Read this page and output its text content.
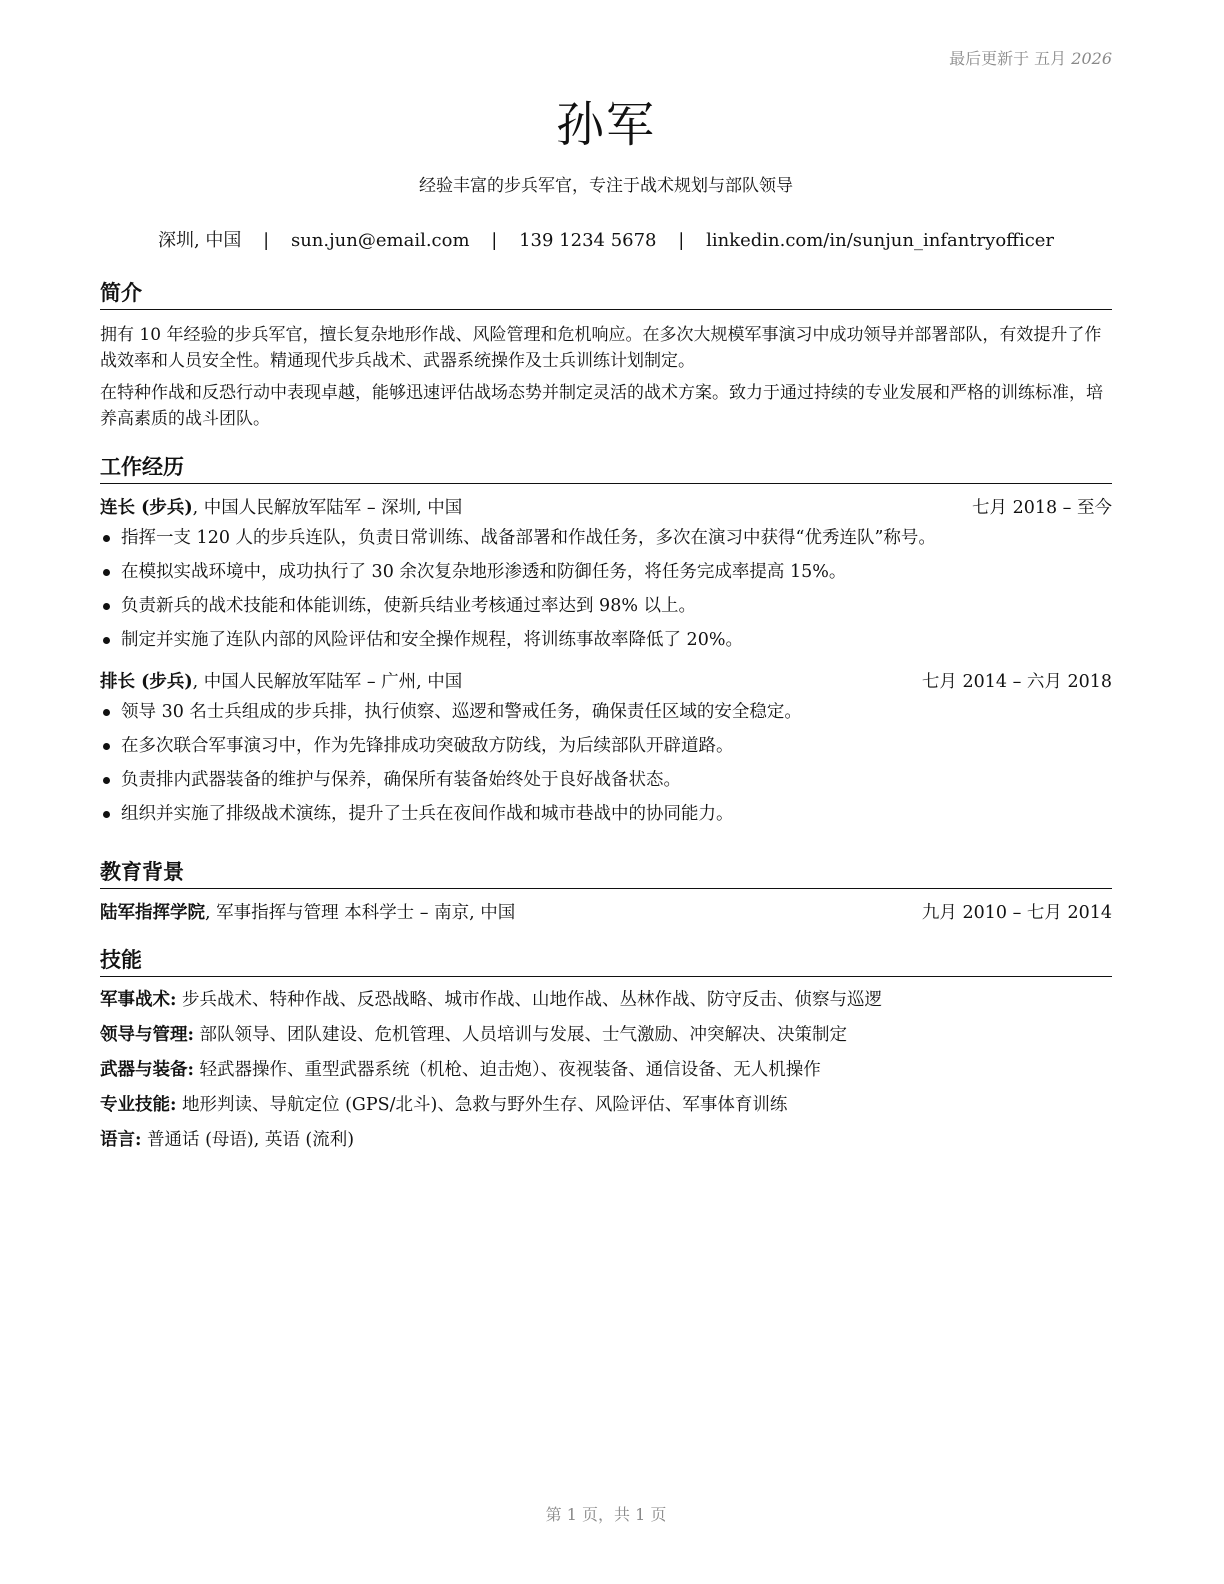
最后更新于 五月 2026
孙军
经验丰富的步兵军官，专注于战术规划与部队领导
深圳, 中国 | sun.jun@email.com | 139 1234 5678 | linkedin.com/in/sunjun_infantryofficer
简介

拥有 10 年经验的步兵军官，擅长复杂地形作战、风险管理和危机响应。在多次大规模军事演习中成功领导并部署部队，有效提升了作战效率和人员安全性。精通现代步兵战术、武器系统操作及士兵训练计划制定。

在特种作战和反恐行动中表现卓越，能够迅速评估战场态势并制定灵活的战术方案。致力于通过持续的专业发展和严格的训练标准，培养高素质的战斗团队。

工作经历
连长 (步兵), 中国人民解放军陆军 – 深圳, 中国	七月 2018 – 至今
指挥一支 120 人的步兵连队，负责日常训练、战备部署和作战任务，多次在演习中获得“优秀连队”称号。
在模拟实战环境中，成功执行了 30 余次复杂地形渗透和防御任务，将任务完成率提高 15%。
负责新兵的战术技能和体能训练，使新兵结业考核通过率达到 98% 以上。
制定并实施了连队内部的风险评估和安全操作规程，将训练事故率降低了 20%。
排长 (步兵), 中国人民解放军陆军 – 广州, 中国	七月 2014 – 六月 2018
领导 30 名士兵组成的步兵排，执行侦察、巡逻和警戒任务，确保责任区域的安全稳定。
在多次联合军事演习中，作为先锋排成功突破敌方防线，为后续部队开辟道路。
负责排内武器装备的维护与保养，确保所有装备始终处于良好战备状态。
组织并实施了排级战术演练，提升了士兵在夜间作战和城市巷战中的协同能力。
教育背景
陆军指挥学院, 军事指挥与管理 本科学士 – 南京, 中国	九月 2010 – 七月 2014
技能
军事战术: 步兵战术、特种作战、反恐战略、城市作战、山地作战、丛林作战、防守反击、侦察与巡逻
领导与管理: 部队领导、团队建设、危机管理、人员培训与发展、士气激励、冲突解决、决策制定
武器与装备: 轻武器操作、重型武器系统（机枪、迫击炮）、夜视装备、通信设备、无人机操作
专业技能: 地形判读、导航定位 (GPS/北斗)、急救与野外生存、风险评估、军事体育训练
语言: 普通话 (母语), 英语 (流利)
第 1 页，共 1 页
